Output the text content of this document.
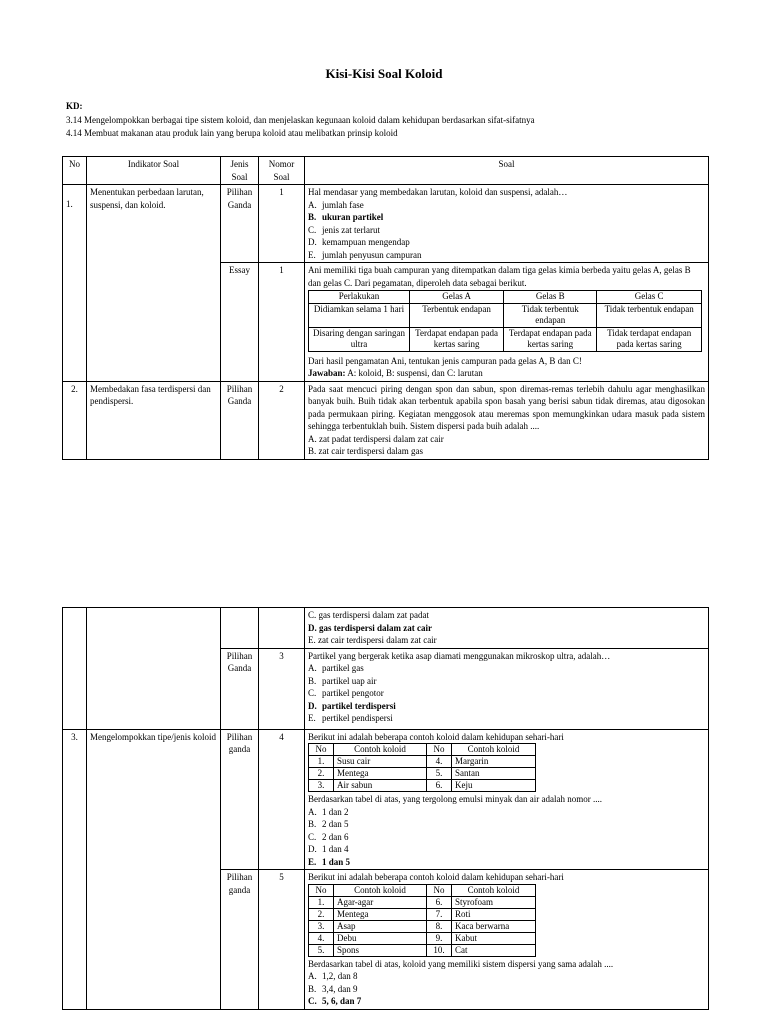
Kisi-Kisi Soal Koloid
KD:
3.14 Mengelompokkan berbagai tipe sistem koloid, dan menjelaskan kegunaan koloid dalam kehidupan berdasarkan sifat-sifatnya
4.14 Membuat makanan atau produk lain yang berupa koloid atau melibatkan prinsip koloid
No	Indikator Soal	Jenis Soal	Nomor Soal	Soal
1.	Menentukan perbedaan larutan, suspensi, dan koloid.	Pilihan Ganda	1	Hal mendasar yang membedakan larutan, koloid dan suspensi, adalah…
A. jumlah fase
B. ukuran partikel
C. jenis zat terlarut
D. kemampuan mengendap
E. jumlah penyusun campuran

Essay	1	Ani memiliki tiga buah campuran yang ditempatkan dalam tiga gelas kimia berbeda yaitu gelas A, gelas B dan gelas C. Dari pegamatan, diperoleh data sebagai berikut.
Perlakukan	Gelas A	Gelas B	Gelas C
Didiamkan selama 1 hari	Terbentuk endapan	Tidak terbentuk endapan	Tidak terbentuk endapan
Disaring dengan saringan ultra	Terdapat endapan pada kertas saring	Terdapat endapan pada kertas saring	Tidak terdapat endapan pada kertas saring
Dari hasil pengamatan Ani, tentukan jenis campuran pada gelas A, B dan C!
Jawaban: A: koloid, B: suspensi, dan C: larutan

2.	Membedakan fasa terdispersi dan pendispersi.	Pilihan Ganda	2	Pada saat mencuci piring dengan spon dan sabun, spon diremas-remas terlebih dahulu agar menghasilkan banyak buih. Buih tidak akan terbentuk apabila spon basah yang berisi sabun tidak diremas, atau digosokan pada permukaan piring. Kegiatan menggosok atau meremas spon memungkinkan udara masuk pada sistem sehingga terbentuklah buih. Sistem dispersi pada buih adalah ....
A. zat padat terdispersi dalam zat cair
B. zat cair terdispersi dalam gas

C. gas terdispersi dalam zat padat
D. gas terdispersi dalam zat cair
E. zat cair terdispersi dalam zat cair

Pilihan Ganda	3	Partikel yang bergerak ketika asap diamati menggunakan mikroskop ultra, adalah…
A. partikel gas
B. partikel uap air
C. partikel pengotor
D. partikel terdispersi
E. pertikel pendispersi

3.	Mengelompokkan tipe/jenis koloid	Pilihan ganda	4	Berikut ini adalah beberapa contoh koloid dalam kehidupan sehari-hari
No	Contoh koloid	No	Contoh koloid
1.	Susu cair	4.	Margarin
2.	Mentega	5.	Santan
3.	Air sabun	6.	Keju
Berdasarkan tabel di atas, yang tergolong emulsi minyak dan air adalah nomor ....
A. 1 dan 2
B. 2 dan 5
C. 2 dan 6
D. 1 dan 4
E. 1 dan 5

Pilihan ganda	5	Berikut ini adalah beberapa contoh koloid dalam kehidupan sehari-hari
No	Contoh koloid	No	Contoh koloid
1.	Agar-agar	6.	Styrofoam
2.	Mentega	7.	Roti
3.	Asap	8.	Kaca berwarna
4.	Debu	9.	Kabut
5.	Spons	10.	Cat
Berdasarkan tabel di atas, koloid yang memiliki sistem dispersi yang sama adalah ....
A. 1,2, dan 8
B. 3,4, dan 9
C. 5, 6, dan 7
